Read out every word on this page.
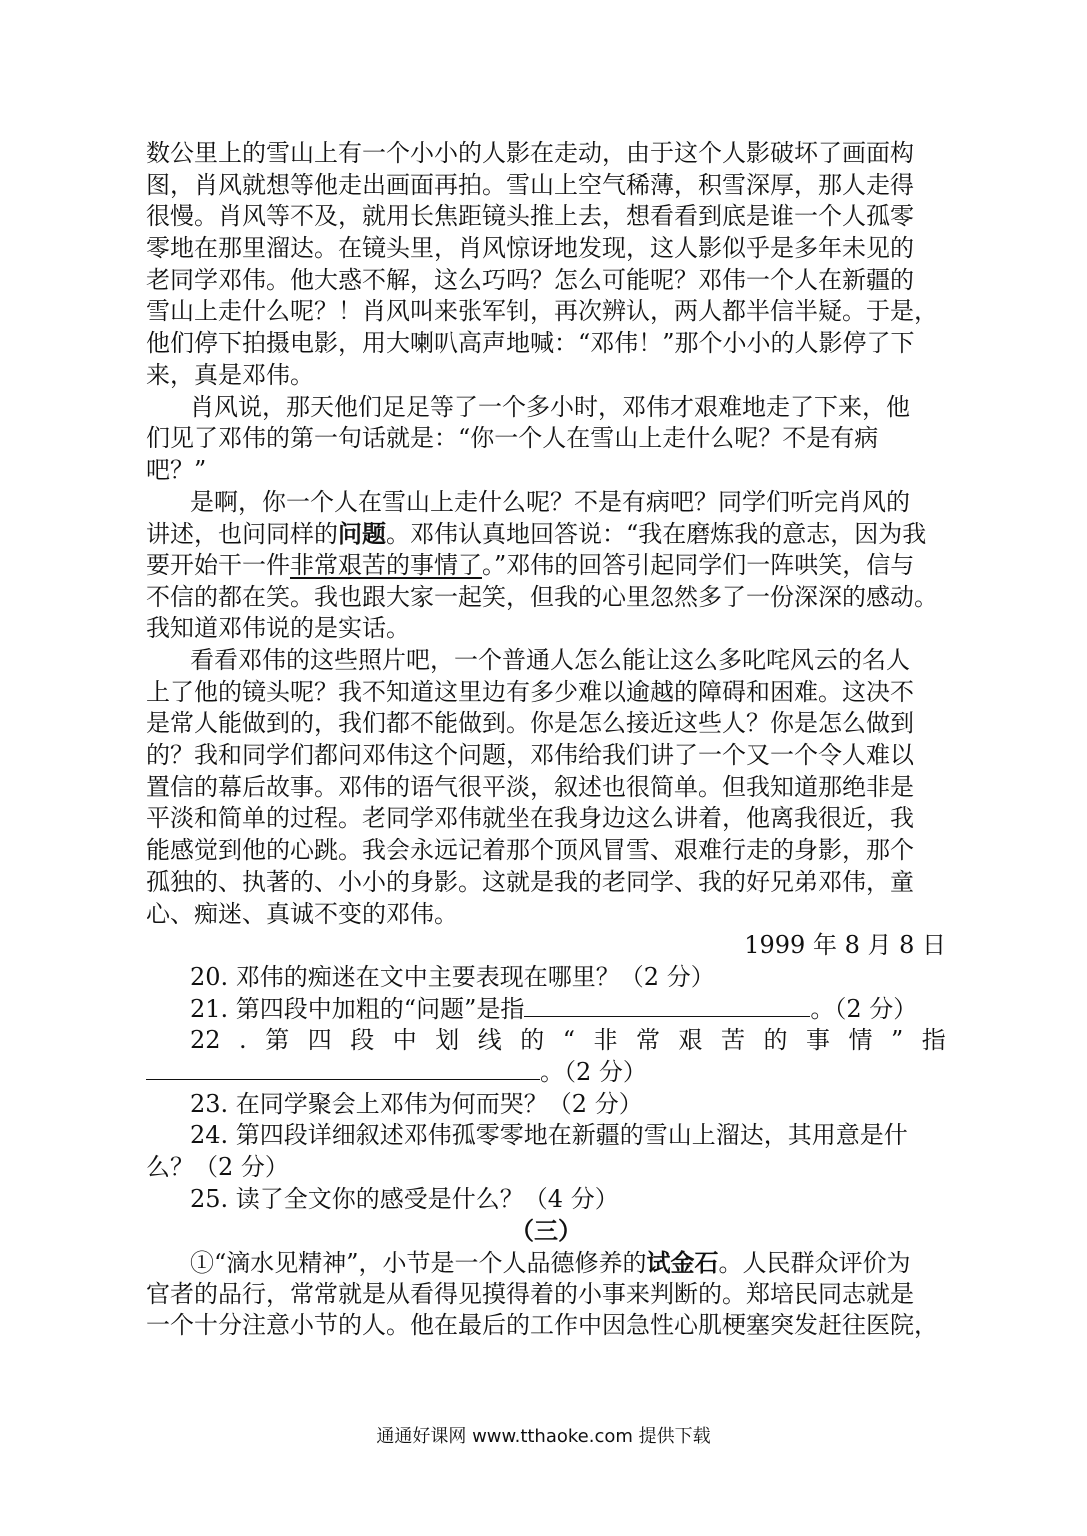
数公里上的雪山上有一个小小的人影在走动，由于这个人影破坏了画面构
图，肖风就想等他走出画面再拍。雪山上空气稀薄，积雪深厚，那人走得
很慢。肖风等不及，就用长焦距镜头推上去，想看看到底是谁一个人孤零
零地在那里溜达。在镜头里，肖风惊讶地发现，这人影似乎是多年未见的
老同学邓伟。他大惑不解，这么巧吗？怎么可能呢？邓伟一个人在新疆的
雪山上走什么呢？！肖风叫来张军钊，再次辨认，两人都半信半疑。于是，
他们停下拍摄电影，用大喇叭高声地喊：“邓伟！”那个小小的人影停了下
来，真是邓伟。
肖风说，那天他们足足等了一个多小时，邓伟才艰难地走了下来，他
们见了邓伟的第一句话就是：“你一个人在雪山上走什么呢？不是有病
吧？”
是啊，你一个人在雪山上走什么呢？不是有病吧？同学们听完肖风的
讲述，也问同样的问题。邓伟认真地回答说：“我在磨炼我的意志，因为我
要开始干一件非常艰苦的事情了。”邓伟的回答引起同学们一阵哄笑，信与
不信的都在笑。我也跟大家一起笑，但我的心里忽然多了一份深深的感动。
我知道邓伟说的是实话。
看看邓伟的这些照片吧，一个普通人怎么能让这么多叱咤风云的名人
上了他的镜头呢？我不知道这里边有多少难以逾越的障碍和困难。这决不
是常人能做到的，我们都不能做到。你是怎么接近这些人？你是怎么做到
的？我和同学们都问邓伟这个问题，邓伟给我们讲了一个又一个令人难以
置信的幕后故事。邓伟的语气很平淡，叙述也很简单。但我知道那绝非是
平淡和简单的过程。老同学邓伟就坐在我身边这么讲着，他离我很近，我
能感觉到他的心跳。我会永远记着那个顶风冒雪、艰难行走的身影，那个
孤独的、执著的、小小的身影。这就是我的老同学、我的好兄弟邓伟，童
心、痴迷、真诚不变的邓伟。
1999 年 8 月 8 日
20. 邓伟的痴迷在文中主要表现在哪里？（2 分）
21. 第四段中加粗的“问题”是指	。（2 分）
22 . 第 四 段 中 划 线 的 “ 非 常 艰 苦 的 事 情 ” 指
。（2 分）
23. 在同学聚会上邓伟为何而哭？（2 分）
24. 第四段详细叙述邓伟孤零零地在新疆的雪山上溜达，其用意是什
么？（2 分）
25. 读了全文你的感受是什么？（4 分）
（三）
①“滴水见精神”，小节是一个人品德修养的试金石。人民群众评价为
官者的品行，常常就是从看得见摸得着的小事来判断的。郑培民同志就是
一个十分注意小节的人。他在最后的工作中因急性心肌梗塞突发赶往医院，
通通好课网 www.tthaoke.com 提供下载
